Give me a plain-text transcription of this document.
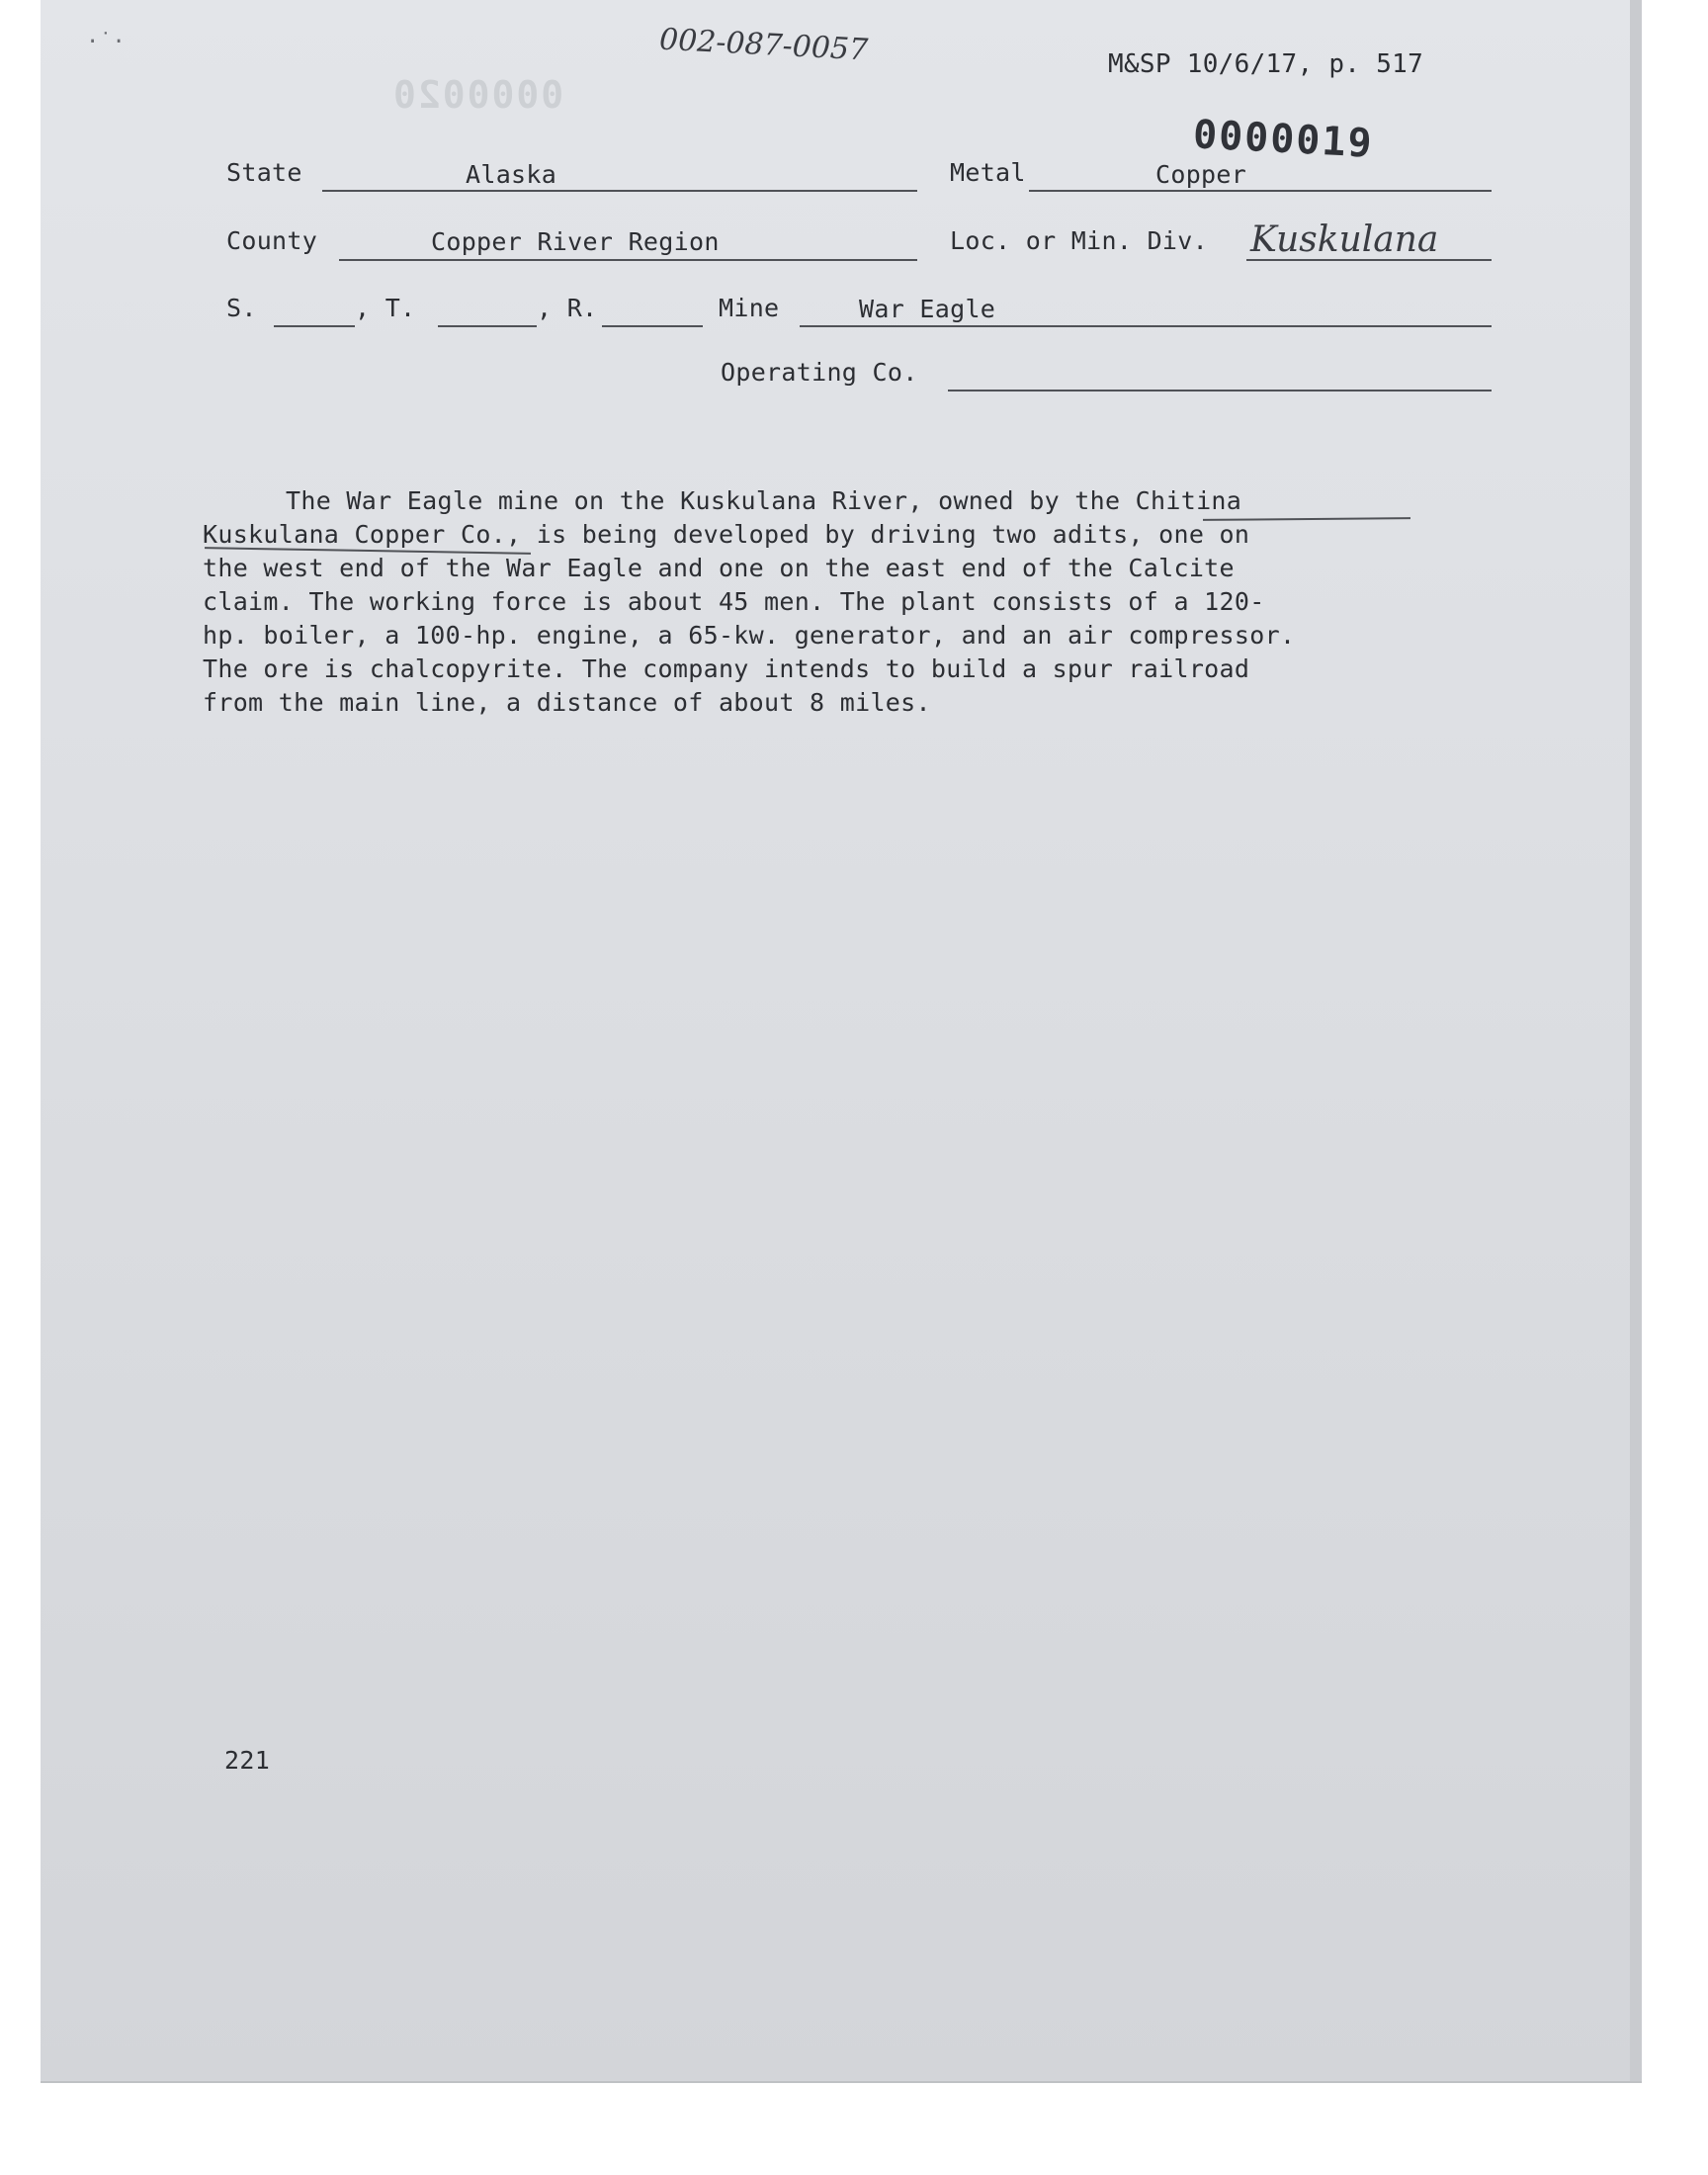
002-087-0057	M&SP 10/6/17, p. 517
0000020
0000019
·˙·
State	Alaska	Metal	Copper
County	Copper River Region	Loc. or Min. Div. Kuskulana
S.	, T.	, R.	Mine	War Eagle
Operating Co.

The War Eagle mine on the Kuskulana River, owned by the Chitina

Kuskulana Copper Co., is being developed by driving two adits, one on

the west end of the War Eagle and one on the east end of the Calcite

claim. The working force is about 45 men. The plant consists of a 120-

hp. boiler, a 100-hp. engine, a 65-kw. generator, and an air compressor.

The ore is chalcopyrite. The company intends to build a spur railroad

from the main line, a distance of about 8 miles.

221
